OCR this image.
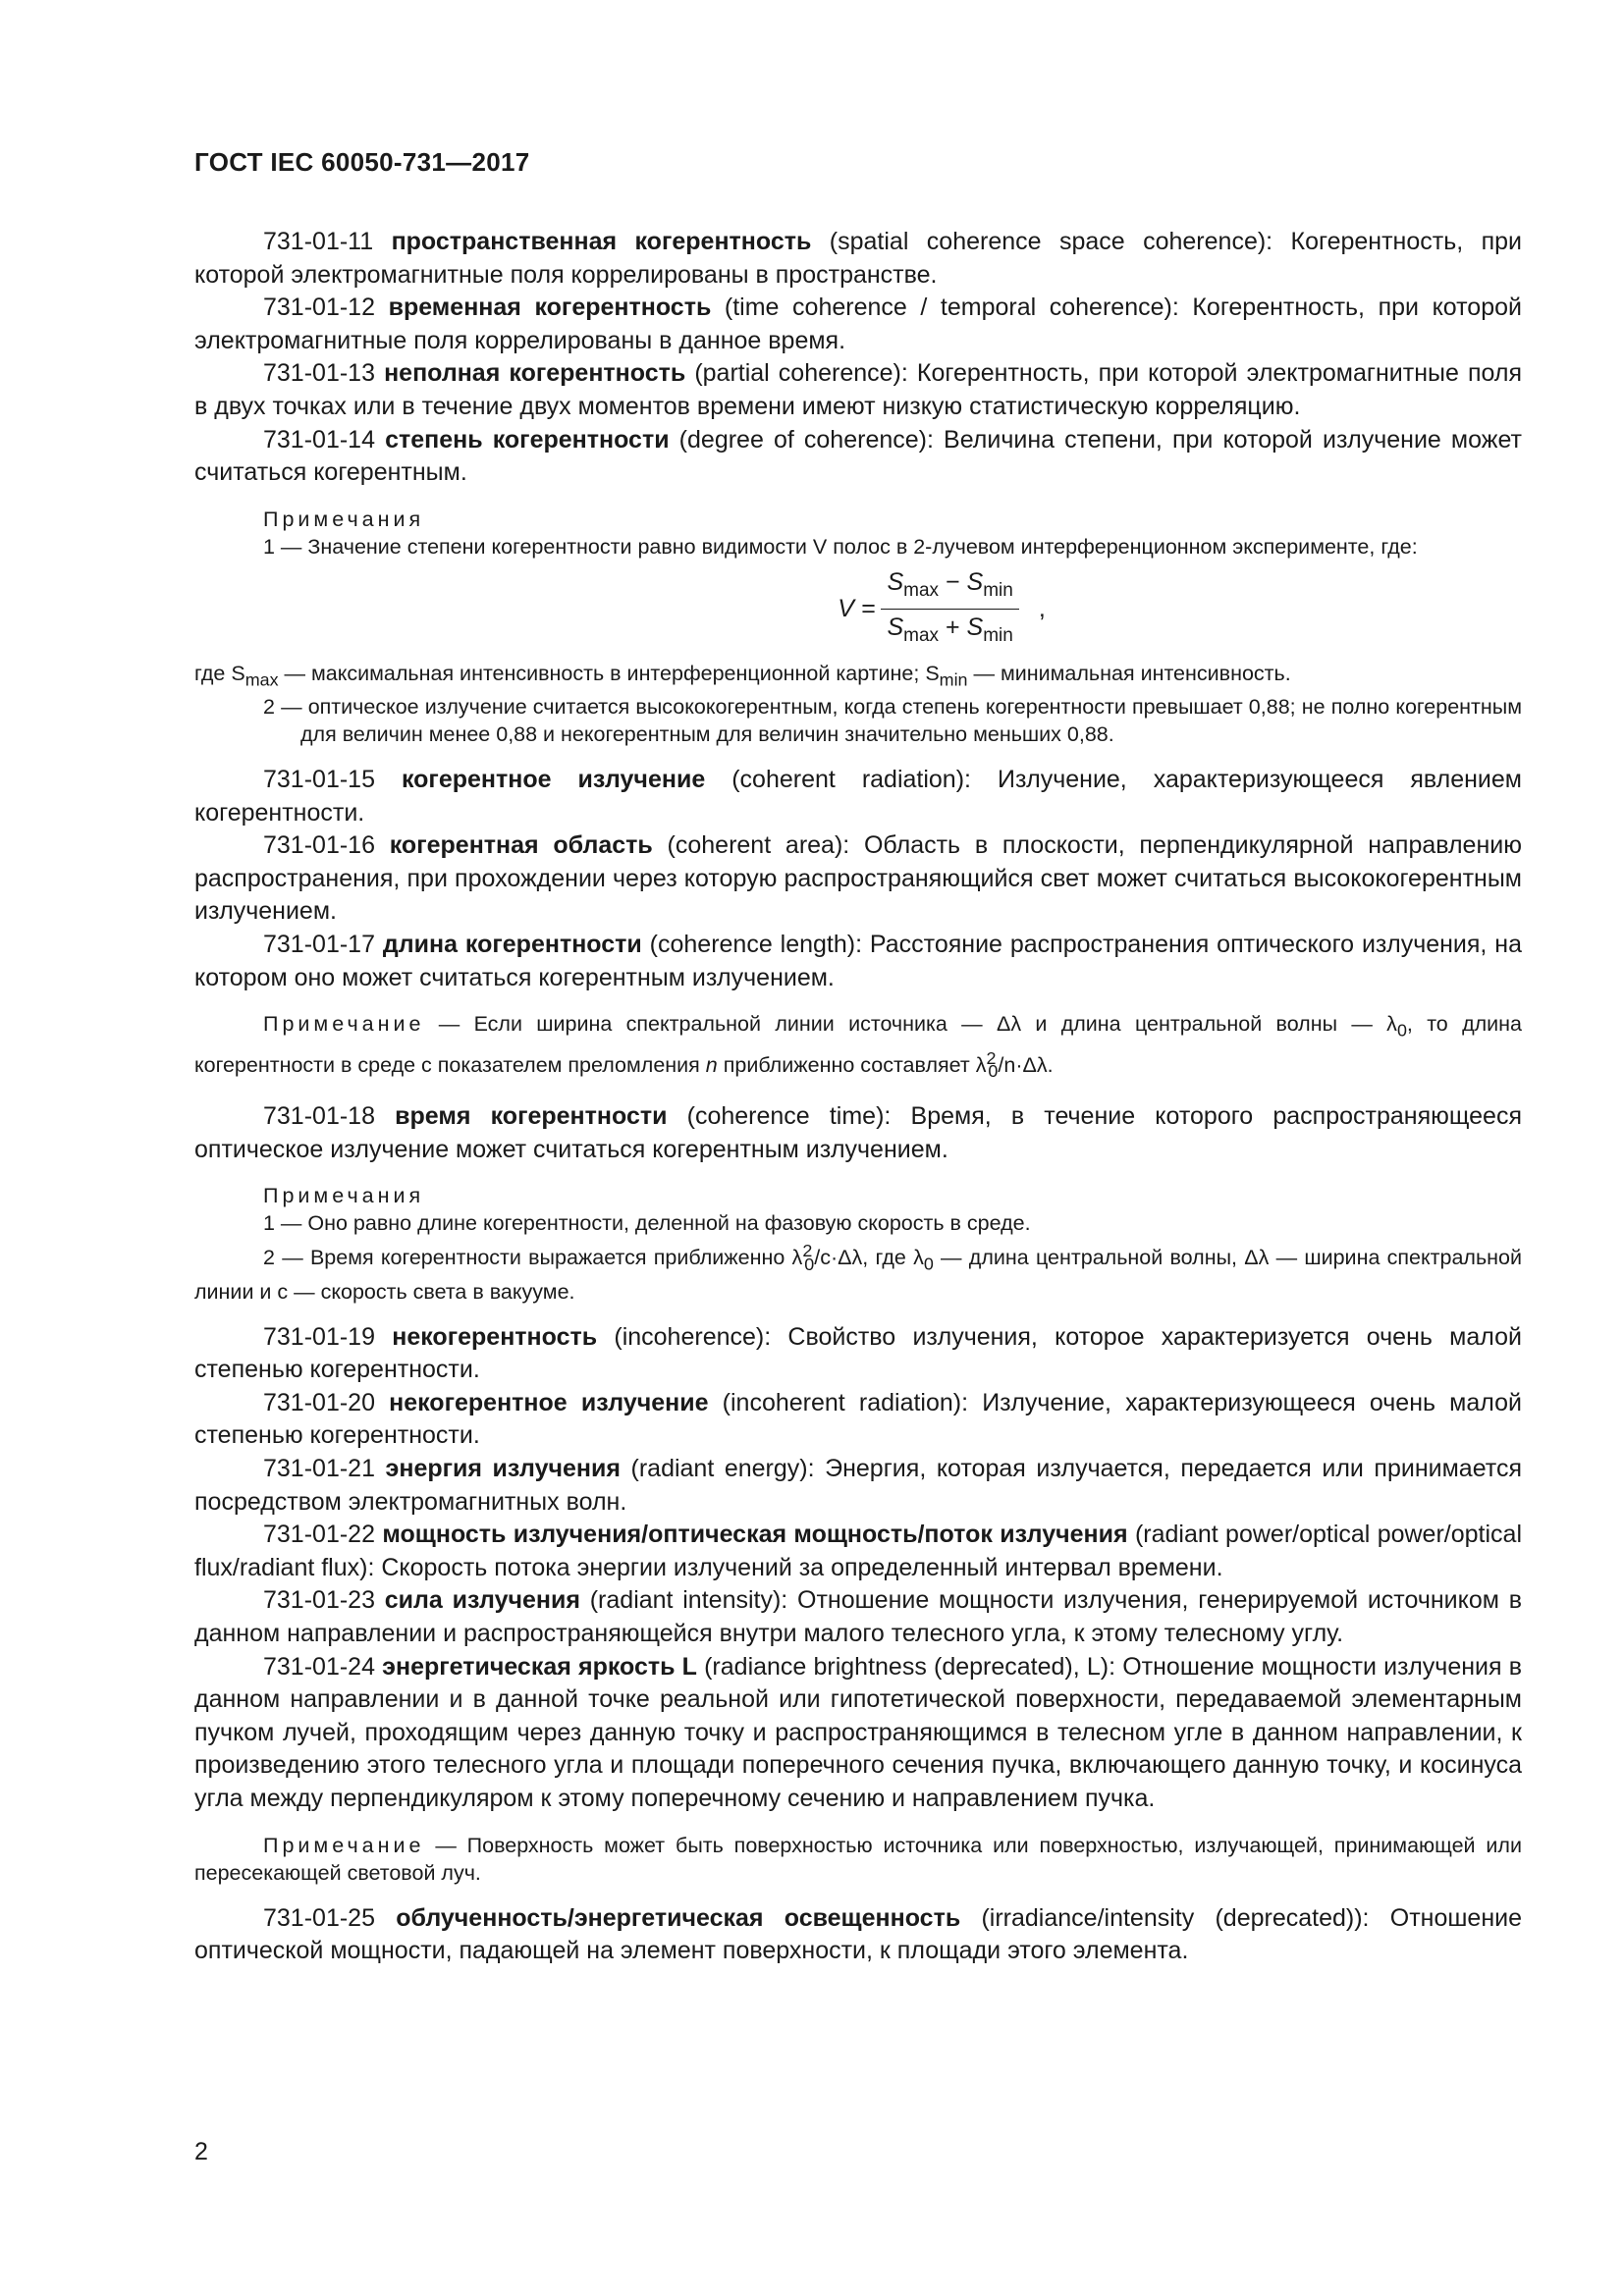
ГОСТ IEC 60050-731—2017

731-01-11 пространственная когерентность (spatial coherence space coherence): Когерентность, при которой электромагнитные поля коррелированы в пространстве.

731-01-12 временная когерентность (time coherence / temporal coherence): Когерентность, при которой электромагнитные поля коррелированы в данное время.

731-01-13 неполная когерентность (partial coherence): Когерентность, при которой электромагнитные поля в двух точках или в течение двух моментов времени имеют низкую статистическую корреляцию.

731-01-14 степень когерентности (degree of coherence): Величина степени, при которой излучение может считаться когерентным.

Примечания

1 — Значение степени когерентности равно видимости V полос в 2-лучевом интерференционном эксперименте, где:

$V = \frac{S_{max} - S_{min}}{S_{max} + S_{min}}$ ,

где $S_{max}$ — максимальная интенсивность в интерференционной картине; $S_{min}$ — минимальная интенсивность.

2 — оптическое излучение считается высококогерентным, когда степень когерентности превышает 0,88; не полно когерентным для величин менее 0,88 и некогерентным для величин значительно меньших 0,88.

731-01-15 когерентное излучение (coherent radiation): Излучение, характеризующееся явлением когерентности.

731-01-16 когерентная область (coherent area): Область в плоскости, перпендикулярной направлению распространения, при прохождении через которую распространяющийся свет может считаться высококогерентным излучением.

731-01-17 длина когерентности (coherence length): Расстояние распространения оптического излучения, на котором оно может считаться когерентным излучением.

Примечание — Если ширина спектральной линии источника — Δλ и длина центральной волны — $\lambda_0$, то длина когерентности в среде с показателем преломления n приближенно составляет $\lambda^2_0/n\cdot\Delta\lambda$.

731-01-18 время когерентности (coherence time): Время, в течение которого распространяющееся оптическое излучение может считаться когерентным излучением.

Примечания

1 — Оно равно длине когерентности, деленной на фазовую скорость в среде.

2 — Время когерентности выражается приближенно $\lambda^2_0/c\cdot\Delta\lambda$, где $\lambda_0$ — длина центральной волны, Δλ — ширина спектральной линии и с — скорость света в вакууме.

731-01-19 некогерентность (incoherence): Свойство излучения, которое характеризуется очень малой степенью когерентности.

731-01-20 некогерентное излучение (incoherent radiation): Излучение, характеризующееся очень малой степенью когерентности.

731-01-21 энергия излучения (radiant energy): Энергия, которая излучается, передается или принимается посредством электромагнитных волн.

731-01-22 мощность излучения/оптическая мощность/поток излучения (radiant power/optical power/optical flux/radiant flux): Скорость потока энергии излучений за определенный интервал времени.

731-01-23 сила излучения (radiant intensity): Отношение мощности излучения, генерируемой источником в данном направлении и распространяющейся внутри малого телесного угла, к этому телесному углу.

731-01-24 энергетическая яркость L (radiance brightness (deprecated), L): Отношение мощности излучения в данном направлении и в данной точке реальной или гипотетической поверхности, передаваемой элементарным пучком лучей, проходящим через данную точку и распространяющимся в телесном угле в данном направлении, к произведению этого телесного угла и площади поперечного сечения пучка, включающего данную точку, и косинуса угла между перпендикуляром к этому поперечному сечению и направлением пучка.

Примечание — Поверхность может быть поверхностью источника или поверхностью, излучающей, принимающей или пересекающей световой луч.

731-01-25 облученность/энергетическая освещенность (irradiance/intensity (deprecated)): Отношение оптической мощности, падающей на элемент поверхности, к площади этого элемента.

2
